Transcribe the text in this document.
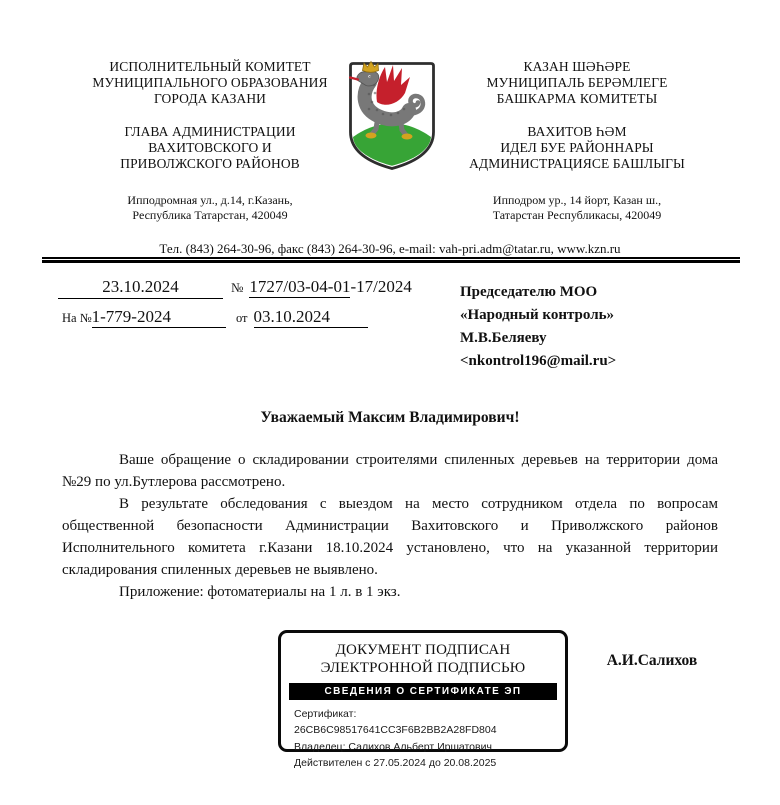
ИСПОЛНИТЕЛЬНЫЙ КОМИТЕТ
МУНИЦИПАЛЬНОГО ОБРАЗОВАНИЯ
ГОРОДА КАЗАНИ
ГЛАВА АДМИНИСТРАЦИИ
ВАХИТОВСКОГО И
ПРИВОЛЖСКОГО РАЙОНОВ
КАЗАН ШӘҺӘРЕ
МУНИЦИПАЛЬ БЕРӘМЛЕГЕ
БАШКАРМА КОМИТЕТЫ
ВАХИТОВ ҺӘМ
ИДЕЛ БУЕ РАЙОННАРЫ
АДМИНИСТРАЦИЯСЕ БАШЛЫГЫ
Ипподромная ул., д.14, г.Казань,
Республика Татарстан, 420049
Ипподром ур., 14 йорт, Казан ш.,
Татарстан Республикасы, 420049
Тел. (843) 264-30-96, факс (843) 264-30-96, e-mail: vah-pri.adm@tatar.ru, www.kzn.ru
23.10.2024	№ 1727/03-04-01-17/2024
На №1-779-2024	от 03.10.2024
Председателю МОО
«Народный контроль»
М.В.Беляеву
<nkontrol196@mail.ru>
Уважаемый Максим Владимирович!

Ваше обращение о складировании строителями спиленных деревьев на территории дома №29 по ул.Бутлерова рассмотрено.

В результате обследования с выездом на место сотрудником отдела по вопросам общественной безопасности Администрации Вахитовского и Приволжского районов Исполнительного комитета г.Казани 18.10.2024 установлено, что на указанной территории складирования спиленных деревьев не выявлено.

Приложение: фотоматериалы на 1 л. в 1 экз.

ДОКУМЕНТ ПОДПИСАН
ЭЛЕКТРОННОЙ ПОДПИСЬЮ
СВЕДЕНИЯ О СЕРТИФИКАТЕ ЭП
Сертификат: 26CB6C98517641CC3F6B2BB2A28FD804
Владелец: Салихов Альберт Иршатович
Действителен с 27.05.2024 до 20.08.2025
А.И.Салихов
